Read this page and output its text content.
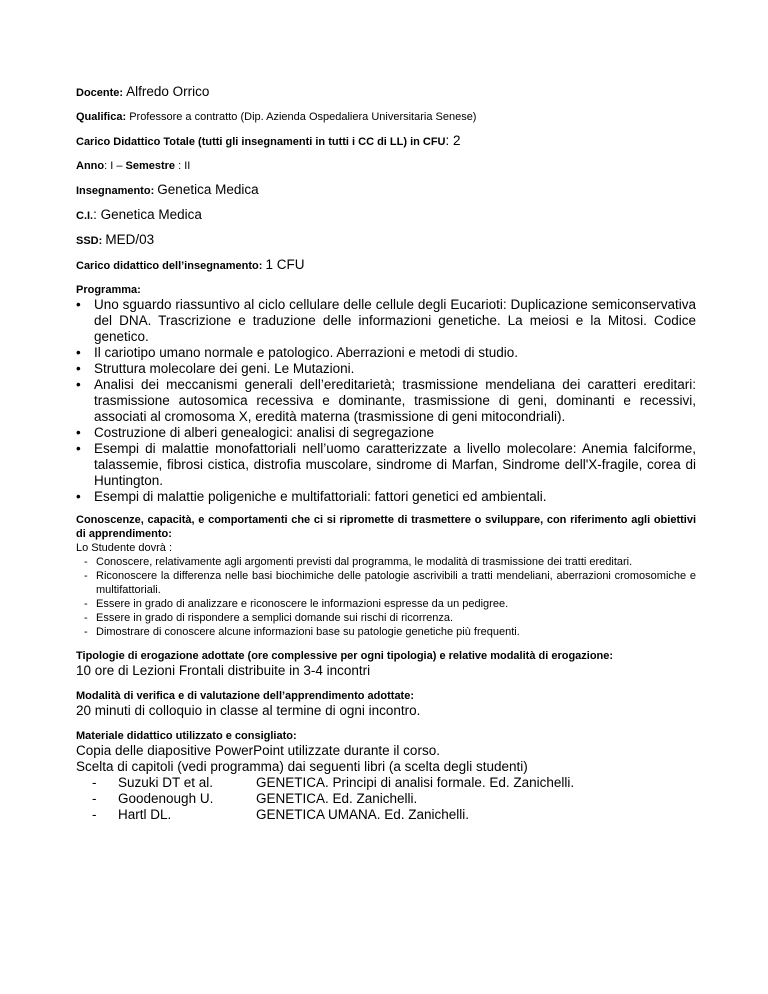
Docente: Alfredo Orrico

Qualifica: Professore a contratto (Dip. Azienda Ospedaliera Universitaria Senese)

Carico Didattico Totale (tutti gli insegnamenti in tutti i CC di LL) in CFU: 2

Anno: I – Semestre : II

Insegnamento: Genetica Medica

C.I.: Genetica Medica

SSD: MED/03

Carico didattico dell’insegnamento: 1 CFU

Programma:

• Uno sguardo riassuntivo al ciclo cellulare delle cellule degli Eucarioti: Duplicazione semiconservativa del DNA. Trascrizione e traduzione delle informazioni genetiche. La meiosi e la Mitosi. Codice genetico.
• Il cariotipo umano normale e patologico. Aberrazioni e metodi di studio.
• Struttura molecolare dei geni. Le Mutazioni.
• Analisi dei meccanismi generali dell’ereditarietà; trasmissione mendeliana dei caratteri ereditari: trasmissione autosomica recessiva e dominante, trasmissione di geni, dominanti e recessivi, associati al cromosoma X, eredità materna (trasmissione di geni mitocondriali).
• Costruzione di alberi genealogici: analisi di segregazione
• Esempi di malattie monofattoriali nell’uomo caratterizzate a livello molecolare: Anemia falciforme, talassemie, fibrosi cistica, distrofia muscolare, sindrome di Marfan, Sindrome dell'X-fragile, corea di Huntington.
• Esempi di malattie poligeniche e multifattoriali: fattori genetici ed ambientali.

Conoscenze, capacità, e comportamenti che ci si ripromette di trasmettere o sviluppare, con riferimento agli obiettivi di apprendimento:

Lo Studente dovrà :

- Conoscere, relativamente agli argomenti previsti dal programma, le modalità di trasmissione dei tratti ereditari.
- Riconoscere la differenza nelle basi biochimiche delle patologie ascrivibili a tratti mendeliani, aberrazioni cromosomiche e multifattoriali.
- Essere in grado di analizzare e riconoscere le informazioni espresse da un pedigree.
- Essere in grado di rispondere a semplici domande sui rischi di ricorrenza.
- Dimostrare di conoscere alcune informazioni base su patologie genetiche più frequenti.

Tipologie di erogazione adottate (ore complessive per ogni tipologia) e relative modalità di erogazione:

10 ore di Lezioni Frontali distribuite in 3-4 incontri

Modalità di verifica e di valutazione dell’apprendimento adottate:

20 minuti di colloquio in classe al termine di ogni incontro.

Materiale didattico utilizzato e consigliato:

Copia delle diapositive PowerPoint utilizzate durante il corso.

Scelta di capitoli (vedi programma) dai seguenti libri (a scelta degli studenti)

- Suzuki DT et al.	GENETICA. Principi di analisi formale. Ed. Zanichelli.
- Goodenough U.	GENETICA. Ed. Zanichelli.
- Hartl DL.	GENETICA UMANA. Ed. Zanichelli.
